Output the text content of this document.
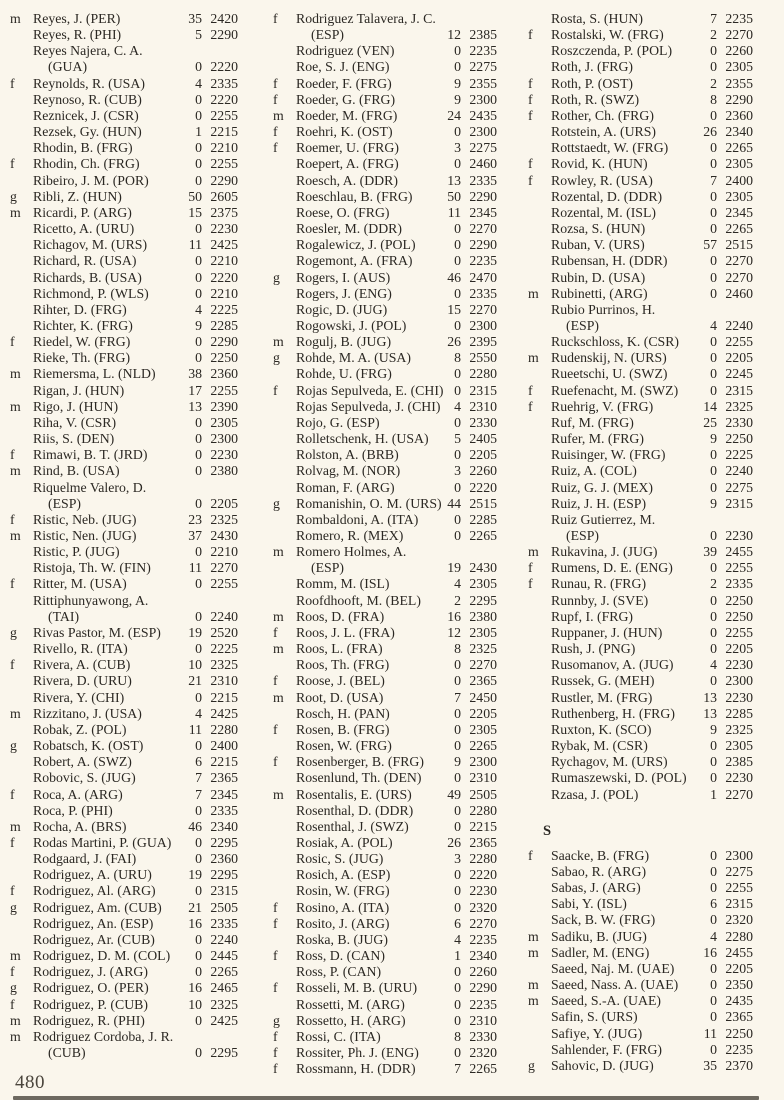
m Reyes, J. (PER)	35 2420
Reyes, R. (PHI)	5 2290
Reyes Najera, C. A.
(GUA)	0 2220
f	Reynolds, R. (USA)	4 2335
Reynoso, R. (CUB)	0 2220
Reznicek, J. (CSR)	0 2255
Rezsek, Gy. (HUN)	1 2215
Rhodin, B. (FRG)	0 2210
f	Rhodin, Ch. (FRG)	0 2255
Ribeiro, J. M. (POR)	0 2290
g	Ribli, Z. (HUN)	50 2605
m Ricardi, P. (ARG)	15 2375
Ricetto, A. (URU)	0 2230
Richagov, M. (URS)	11 2425
Richard, R. (USA)	0 2210
Richards, B. (USA)	0 2220
Richmond, P. (WLS)	0 2210
Rihter, D. (FRG)	4 2225
Richter, K. (FRG)	9 2285
f	Riedel, W. (FRG)	0 2290
Rieke, Th. (FRG)	0 2250
m Riemersma, L. (NLD)	38 2360
Rigan, J. (HUN)	17 2255
m Rigo, J. (HUN)	13 2390
Riha, V. (CSR)	0 2305
Riis, S. (DEN)	0 2300
f	Rimawi, B. T. (JRD)	0 2230
m Rind, B. (USA)	0 2380
Riquelme Valero, D.
(ESP)	0 2205
f	Ristic, Neb. (JUG)	23 2325
m Ristic, Nen. (JUG)	37 2430
Ristic, P. (JUG)	0 2210
Ristoja, Th. W. (FIN)	11 2270
f	Ritter, M. (USA)	0 2255
Rittiphunyawong, A.
(TAI)	0 2240
g	Rivas Pastor, M. (ESP)	19 2520
Rivello, R. (ITA)	0 2225
f	Rivera, A. (CUB)	10 2325
Rivera, D. (URU)	21 2310
Rivera, Y. (CHI)	0 2215
m Rizzitano, J. (USA)	4 2425
Robak, Z. (POL)	11 2280
g	Robatsch, K. (OST)	0 2400
Robert, A. (SWZ)	6 2215
Robovic, S. (JUG)	7 2365
f	Roca, A. (ARG)	7 2345
Roca, P. (PHI)	0 2335
m Rocha, A. (BRS)	46 2340
f	Rodas Martini, P. (GUA)	0 2295
Rodgaard, J. (FAI)	0 2360
Rodriguez, A. (URU)	19 2295
f	Rodriguez, Al. (ARG)	0 2315
g	Rodriguez, Am. (CUB)	21 2505
Rodriguez, An. (ESP)	16 2335
Rodriguez, Ar. (CUB)	0 2240
m Rodriguez, D. M. (COL)	0 2445
f	Rodriguez, J. (ARG)	0 2265
g	Rodriguez, O. (PER)	16 2465
f	Rodriguez, P. (CUB)	10 2325
m Rodriguez, R. (PHI)	0 2425
m Rodriguez Cordoba, J. R.
(CUB)	0 2295
f	Rodriguez Talavera, J. C.
(ESP)	12 2385
Rodriguez (VEN)	0 2235
Roe, S. J. (ENG)	0 2275
f	Roeder, F. (FRG)	9 2355
f	Roeder, G. (FRG)	9 2300
m Roeder, M. (FRG)	24 2435
f	Roehri, K. (OST)	0 2300
f	Roemer, U. (FRG)	3 2275
Roepert, A. (FRG)	0 2460
Roesch, A. (DDR)	13 2335
Roeschlau, B. (FRG)	50 2290
Roese, O. (FRG)	11 2345
Roesler, M. (DDR)	0 2270
Rogalewicz, J. (POL)	0 2290
Rogemont, A. (FRA)	0 2235
g	Rogers, I. (AUS)	46 2470
Rogers, J. (ENG)	0 2335
Rogic, D. (JUG)	15 2270
Rogowski, J. (POL)	0 2300
m Rogulj, B. (JUG)	26 2395
g	Rohde, M. A. (USA)	8 2550
Rohde, U. (FRG)	0 2280
f	Rojas Sepulveda, E. (CHI) 0 2315
Rojas Sepulveda, J. (CHI) 4 2310
Rojo, G. (ESP)	0 2330
Rolletschenk, H. (USA)	5 2405
Rolston, A. (BRB)	0 2205
Rolvag, M. (NOR)	3 2260
Roman, F. (ARG)	0 2220
g	Romanishin, O. M. (URS) 44 2515
Rombaldoni, A. (ITA)	0 2285
Romero, R. (MEX)	0 2265
m Romero Holmes, A.
(ESP)	19 2430
Romm, M. (ISL)	4 2305
Roofdhooft, M. (BEL)	2 2295
m Roos, D. (FRA)	16 2380
f	Roos, J. L. (FRA)	12 2305
m Roos, L. (FRA)	8 2325
Roos, Th. (FRG)	0 2270
f	Roose, J. (BEL)	0 2365
m Root, D. (USA)	7 2450
Rosch, H. (PAN)	0 2205
f	Rosen, B. (FRG)	0 2305
Rosen, W. (FRG)	0 2265
f	Rosenberger, B. (FRG)	9 2300
Rosenlund, Th. (DEN)	0 2310
m Rosentalis, E. (URS)	49 2505
Rosenthal, D. (DDR)	0 2280
Rosenthal, J. (SWZ)	0 2215
Rosiak, A. (POL)	26 2365
Rosic, S. (JUG)	3 2280
Rosich, A. (ESP)	0 2220
Rosin, W. (FRG)	0 2230
f	Rosino, A. (ITA)	0 2320
f	Rosito, J. (ARG)	6 2270
Roska, B. (JUG)	4 2235
f	Ross, D. (CAN)	1 2340
Ross, P. (CAN)	0 2260
f	Rosseli, M. B. (URU)	0 2290
Rossetti, M. (ARG)	0 2235
g	Rossetto, H. (ARG)	0 2310
f	Rossi, C. (ITA)	8 2330
f	Rossiter, Ph. J. (ENG)	0 2320
f	Rossmann, H. (DDR)	7 2265
Rosta, S. (HUN)	7 2235
f	Rostalski, W. (FRG)	2 2270
Roszczenda, P. (POL)	0 2260
Roth, J. (FRG)	0 2305
f	Roth, P. (OST)	2 2355
f	Roth, R. (SWZ)	8 2290
f	Rother, Ch. (FRG)	0 2360
Rotstein, A. (URS)	26 2340
Rottstaedt, W. (FRG)	0 2265
f	Rovid, K. (HUN)	0 2305
f	Rowley, R. (USA)	7 2400
Rozental, D. (DDR)	0 2305
Rozental, M. (ISL)	0 2345
Rozsa, S. (HUN)	0 2265
Ruban, V. (URS)	57 2515
Rubensan, H. (DDR)	0 2270
Rubin, D. (USA)	0 2270
m Rubinetti, (ARG)	0 2460
Rubio Purrinos, H.
(ESP)	4 2240
Ruckschloss, K. (CSR)	0 2255
m Rudenskij, N. (URS)	0 2205
Rueetschi, U. (SWZ)	0 2245
f	Ruefenacht, M. (SWZ)	0 2315
f	Ruehrig, V. (FRG)	14 2325
Ruf, M. (FRG)	25 2330
Rufer, M. (FRG)	9 2250
Ruisinger, W. (FRG)	0 2225
Ruiz, A. (COL)	0 2240
Ruiz, G. J. (MEX)	0 2275
Ruiz, J. H. (ESP)	9 2315
Ruiz Gutierrez, M.
(ESP)	0 2230
m Rukavina, J. (JUG)	39 2455
f	Rumens, D. E. (ENG)	0 2255
f	Runau, R. (FRG)	2 2335
Runnby, J. (SVE)	0 2250
Rupf, I. (FRG)	0 2250
Ruppaner, J. (HUN)	0 2255
Rush, J. (PNG)	0 2205
Rusomanov, A. (JUG)	4 2230
Russek, G. (MEH)	0 2300
Rustler, M. (FRG)	13 2230
Ruthenberg, H. (FRG)	13 2285
Ruxton, K. (SCO)	9 2325
Rybak, M. (CSR)	0 2305
Rychagov, M. (URS)	0 2385
Rumaszewski, D. (POL)	0 2230
Rzasa, J. (POL)	1 2270
S
f	Saacke, B. (FRG)	0 2300
Sabao, R. (ARG)	0 2275
Sabas, J. (ARG)	0 2255
Sabi, Y. (ISL)	6 2315
Sack, B. W. (FRG)	0 2320
m Sadiku, B. (JUG)	4 2280
m Sadler, M. (ENG)	16 2455
Saeed, Naj. M. (UAE)	0 2205
m Saeed, Nass. A. (UAE)	0 2350
m Saeed, S.-A. (UAE)	0 2435
Safin, S. (URS)	0 2365
Safiye, Y. (JUG)	11 2250
Sahlender, F. (FRG)	0 2235
g	Sahovic, D. (JUG)	35 2370
480
